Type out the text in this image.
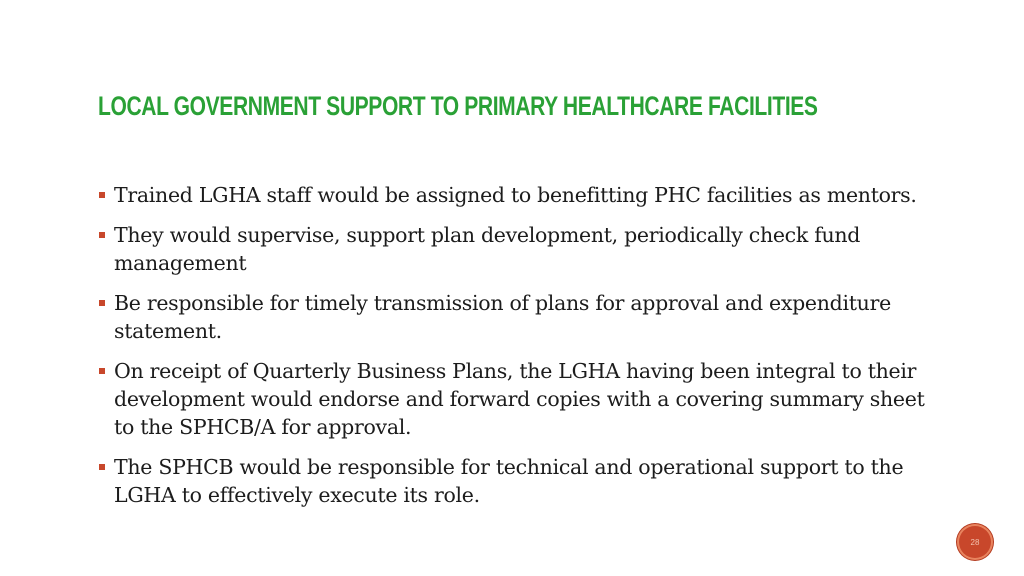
LOCAL GOVERNMENT SUPPORT TO PRIMARY HEALTHCARE FACILITIES
Trained LGHA staff would be assigned to benefitting PHC facilities as mentors.
They would supervise, support plan development, periodically check fund management
Be responsible for timely transmission of plans for approval and expenditure statement.
On receipt of Quarterly Business Plans, the LGHA having been integral to their development would endorse and forward copies with a covering summary sheet to the SPHCB/A for approval.
The SPHCB would be responsible for technical and operational support to the LGHA to effectively execute its role.
28
